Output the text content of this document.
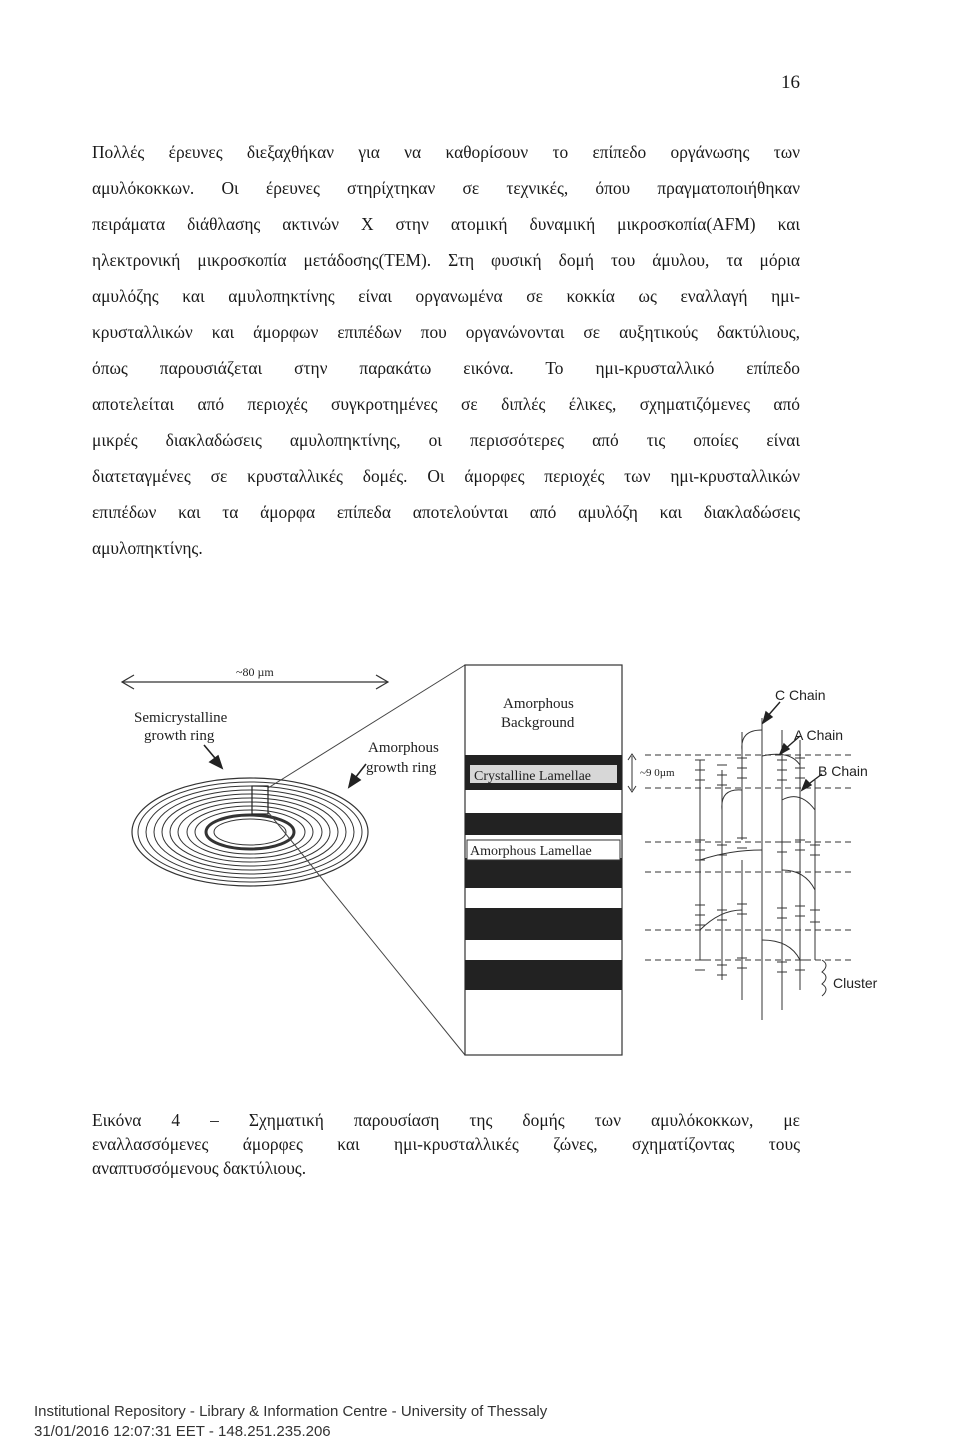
16
Πολλές έρευνες διεξαχθήκαν για να καθορίσουν το επίπεδο οργάνωσης των
αμυλόκοκκων. Οι έρευνες στηρίχτηκαν σε τεχνικές, όπου πραγματοποιήθηκαν
πειράματα διάθλασης ακτινών Χ στην ατομική δυναμική μικροσκοπία(AFM) και
ηλεκτρονική μικροσκοπία μετάδοσης(ΤΕΜ). Στη φυσική δομή του άμυλου, τα μόρια
αμυλόζης και αμυλοπηκτίνης είναι οργανωμένα σε κοκκία ως εναλλαγή ημι-
κρυσταλλικών και άμορφων επιπέδων που οργανώνονται σε αυξητικούς δακτύλιους,
όπως παρουσιάζεται στην παρακάτω εικόνα. Το ημι-κρυσταλλικό επίπεδο
αποτελείται από περιοχές συγκροτημένες σε διπλές έλικες, σχηματιζόμενες από
μικρές διακλαδώσεις αμυλοπηκτίνης, οι περισσότερες από τις οποίες είναι
διατεταγμένες σε κρυσταλλικές δομές. Οι άμορφες περιοχές των ημι-κρυσταλλικών
επιπέδων και τα άμορφα επίπεδα αποτελούνται από αμυλόζη και διακλαδώσεις
αμυλοπηκτίνης.
~80 µm
Semicrystalline
growth ring
Amorphous
growth ring
Amorphous
Background
Crystalline Lamellae
Amorphous Lamellae
~9 0µm
C Chain
A Chain
B Chain
Cluster
Εικόνα 4 – Σχηματική παρουσίαση της δομής των αμυλόκοκκων, με
εναλλασσόμενες άμορφες και ημι-κρυσταλλικές ζώνες, σχηματίζοντας τους
αναπτυσσόμενους δακτύλιους.
Institutional Repository - Library & Information Centre - University of Thessaly
31/01/2016 12:07:31 EET - 148.251.235.206
